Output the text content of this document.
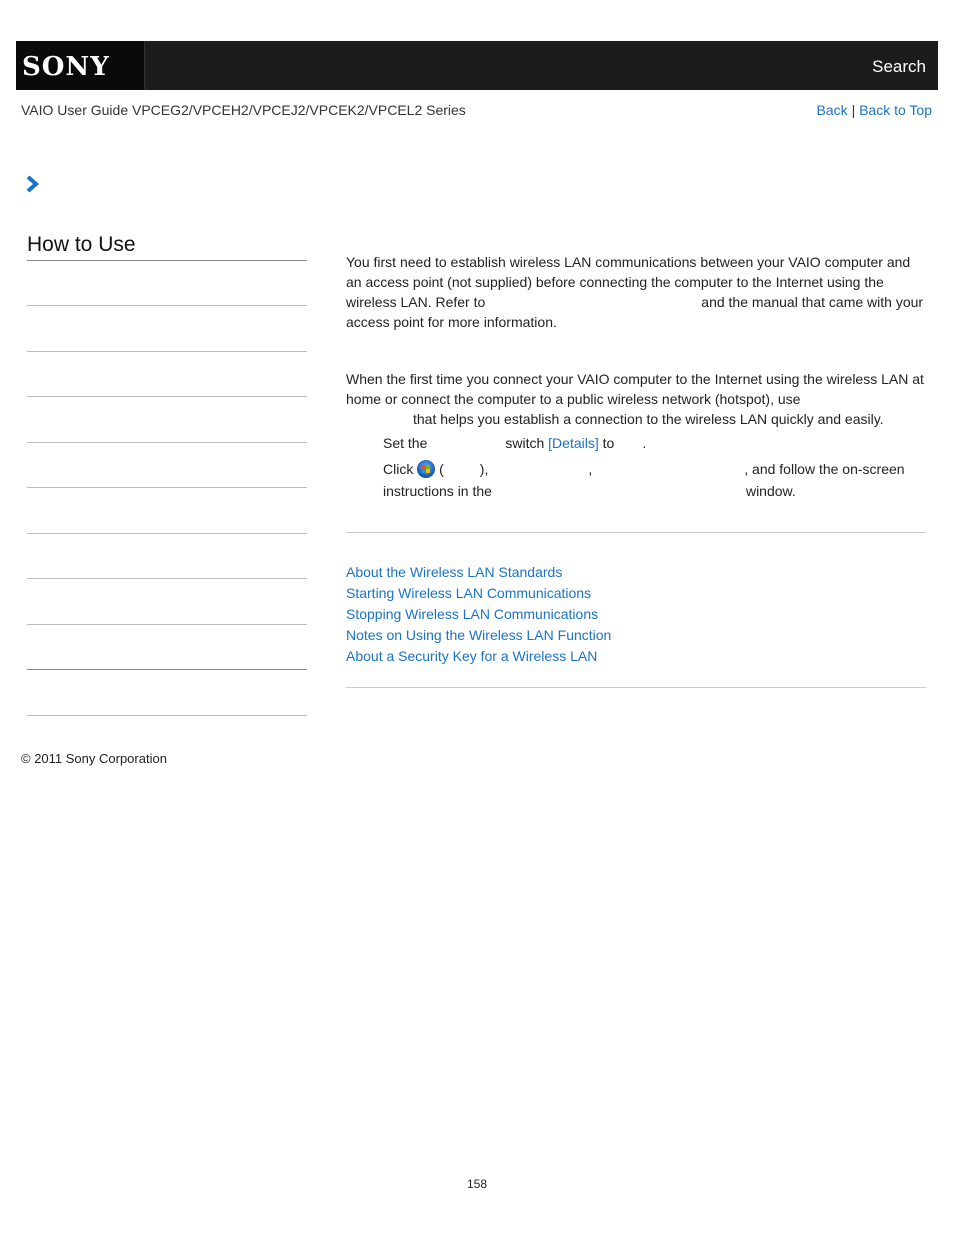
SONY	Search
VAIO User Guide VPCEG2/VPCEH2/VPCEJ2/VPCEK2/VPCEL2 Series	Back | Back to Top
How to Use
You first need to establish wireless LAN communications between your VAIO computer and an access point (not supplied) before connecting the computer to the Internet using the wireless LAN. Refer to	and the manual that came with your access point for more information.
When the first time you connect your VAIO computer to the Internet using the wireless LAN at home or connect the computer to a public wireless network (hotspot), use
that helps you establish a connection to the wireless LAN quickly and easily.
Set the	switch [Details] to .
Click (	),	,	, and follow the on-screen
instructions in the	window.
About the Wireless LAN Standards
Starting Wireless LAN Communications
Stopping Wireless LAN Communications
Notes on Using the Wireless LAN Function
About a Security Key for a Wireless LAN
© 2011 Sony Corporation
158
